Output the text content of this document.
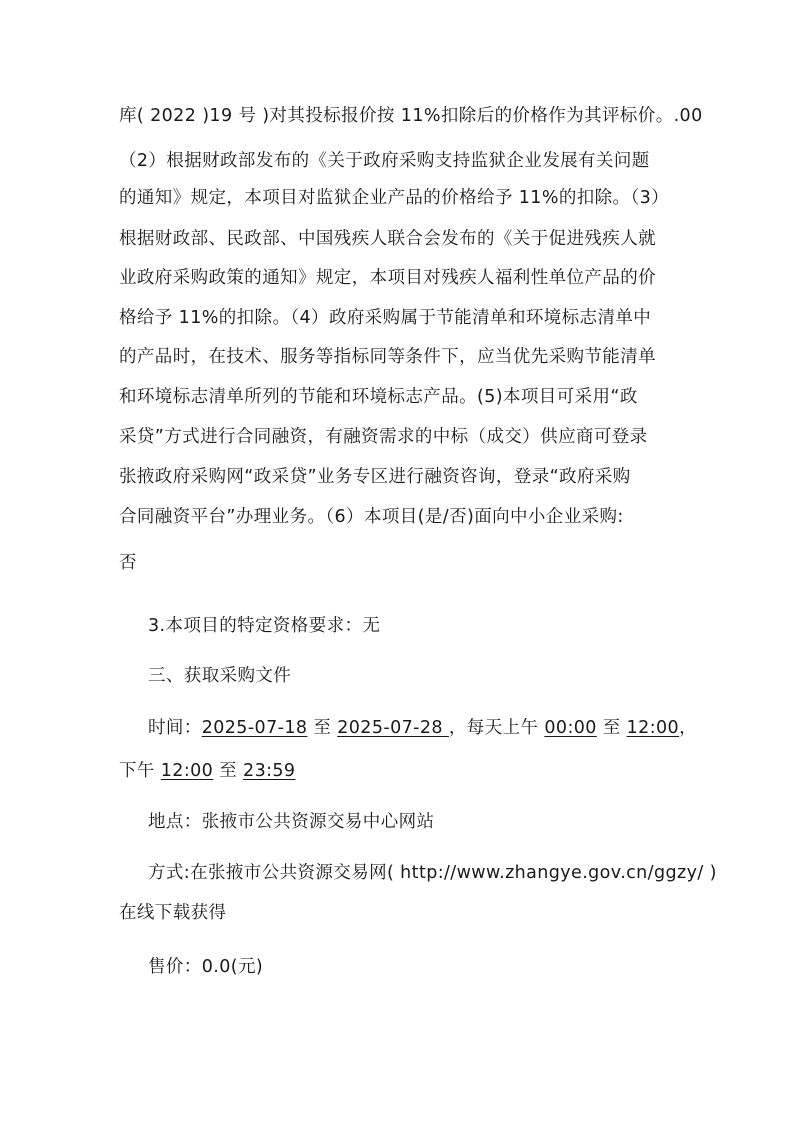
库( 2022 )19 号 )对其投标报价按 11%扣除后的价格作为其评标价。.00
（2）根据财政部发布的《关于政府采购支持监狱企业发展有关问题
的通知》规定，本项目对监狱企业产品的价格给予 11%的扣除。（3）
根据财政部、民政部、中国残疾人联合会发布的《关于促进残疾人就
业政府采购政策的通知》规定，本项目对残疾人福利性单位产品的价
格给予 11%的扣除。（4）政府采购属于节能清单和环境标志清单中
的产品时，在技术、服务等指标同等条件下，应当优先采购节能清单
和环境标志清单所列的节能和环境标志产品。(5)本项目可采用“政
采贷”方式进行合同融资，有融资需求的中标（成交）供应商可登录
张掖政府采购网“政采贷”业务专区进行融资咨询，登录“政府采购
合同融资平台”办理业务。（6）本项目(是/否)面向中小企业采购:
否
3.本项目的特定资格要求：无
三、获取采购文件
时间：2025-07-18 至 2025-07-28 ，每天上午 00:00 至 12:00，
下午 12:00 至 23:59
地点：张掖市公共资源交易中心网站
方式:在张掖市公共资源交易网( http://www.zhangye.gov.cn/ggzy/ )
在线下载获得
售价：0.0(元)
